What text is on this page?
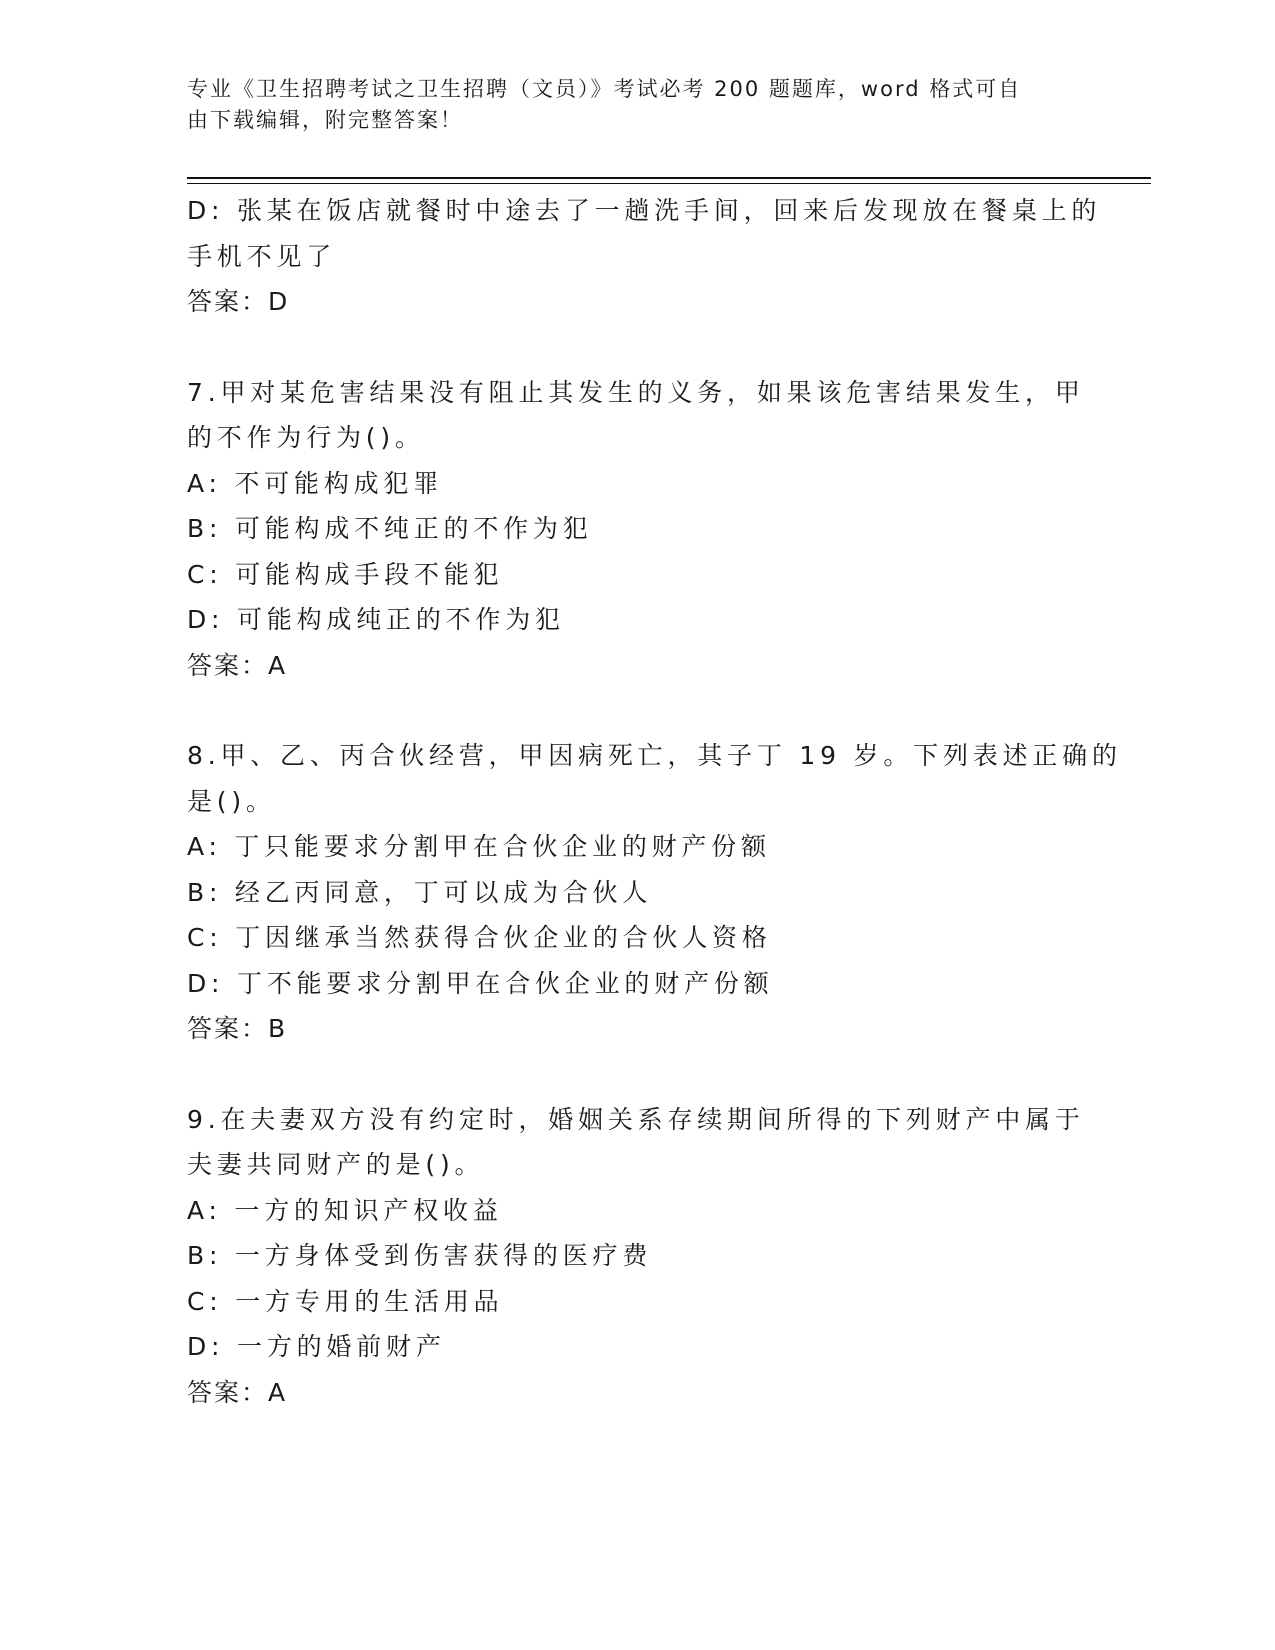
专业《卫生招聘考试之卫生招聘（文员）》考试必考 200 题题库，word 格式可自
由下载编辑，附完整答案！
D: 张某在饭店就餐时中途去了一趟洗手间，回来后发现放在餐桌上的
手机不见了
答案：D
7.甲对某危害结果没有阻止其发生的义务，如果该危害结果发生，甲
的不作为行为()。
A: 不可能构成犯罪
B: 可能构成不纯正的不作为犯
C: 可能构成手段不能犯
D: 可能构成纯正的不作为犯
答案：A
8.甲、乙、丙合伙经营，甲因病死亡，其子丁 19 岁。下列表述正确的
是()。
A: 丁只能要求分割甲在合伙企业的财产份额
B: 经乙丙同意，丁可以成为合伙人
C: 丁因继承当然获得合伙企业的合伙人资格
D: 丁不能要求分割甲在合伙企业的财产份额
答案：B
9.在夫妻双方没有约定时，婚姻关系存续期间所得的下列财产中属于
夫妻共同财产的是()。
A: 一方的知识产权收益
B: 一方身体受到伤害获得的医疗费
C: 一方专用的生活用品
D: 一方的婚前财产
答案：A
